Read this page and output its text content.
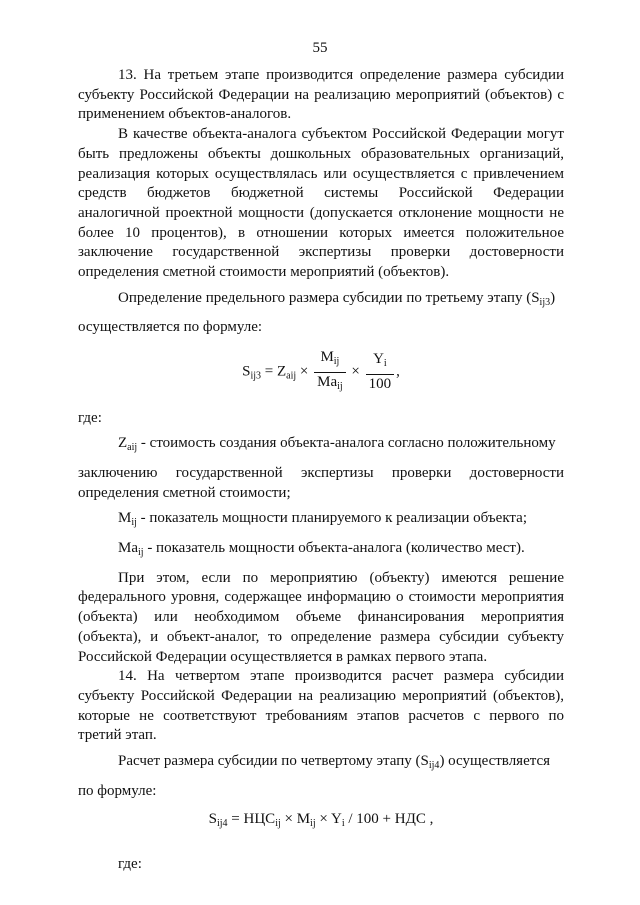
55

13. На третьем этапе производится определение размера субсидии субъекту Российской Федерации на реализацию мероприятий (объектов) с применением объектов-аналогов.

В качестве объекта-аналога субъектом Российской Федерации могут быть предложены объекты дошкольных образовательных организаций, реализация которых осуществлялась или осуществляется с привлечением средств бюджетов бюджетной системы Российской Федерации аналогичной проектной мощности (допускается отклонение мощности не более 10 процентов), в отношении которых имеется положительное заключение государственной экспертизы проверки достоверности определения сметной стоимости мероприятий (объектов).

Определение предельного размера субсидии по третьему этапу $(S_{ij3})$

осуществляется по формуле:

$S_{ij3} = Z_{aij} \times \frac{M_{ij}}{Ma_{ij}} \times \frac{Y_i}{100}$ ,

где:

$Z_{aij}$ - стоимость создания объекта-аналога согласно положительному

заключению государственной экспертизы проверки достоверности определения сметной стоимости;

$M_{ij}$ - показатель мощности планируемого к реализации объекта;

$Ma_{ij}$ - показатель мощности объекта-аналога (количество мест).

При этом, если по мероприятию (объекту) имеются решение федерального уровня, содержащее информацию о стоимости мероприятия (объекта) или необходимом объеме финансирования мероприятия (объекта), и объект-аналог, то определение размера субсидии субъекту Российской Федерации осуществляется в рамках первого этапа.

14. На четвертом этапе производится расчет размера субсидии субъекту Российской Федерации на реализацию мероприятий (объектов), которые не соответствуют требованиям этапов расчетов с первого по третий этап.

Расчет размера субсидии по четвертому этапу $(S_{ij4})$ осуществляется

по формуле:

$S_{ij4} = НЦС_{ij} \times M_{ij} \times Y_i / 100$ + НДС ,

где:
